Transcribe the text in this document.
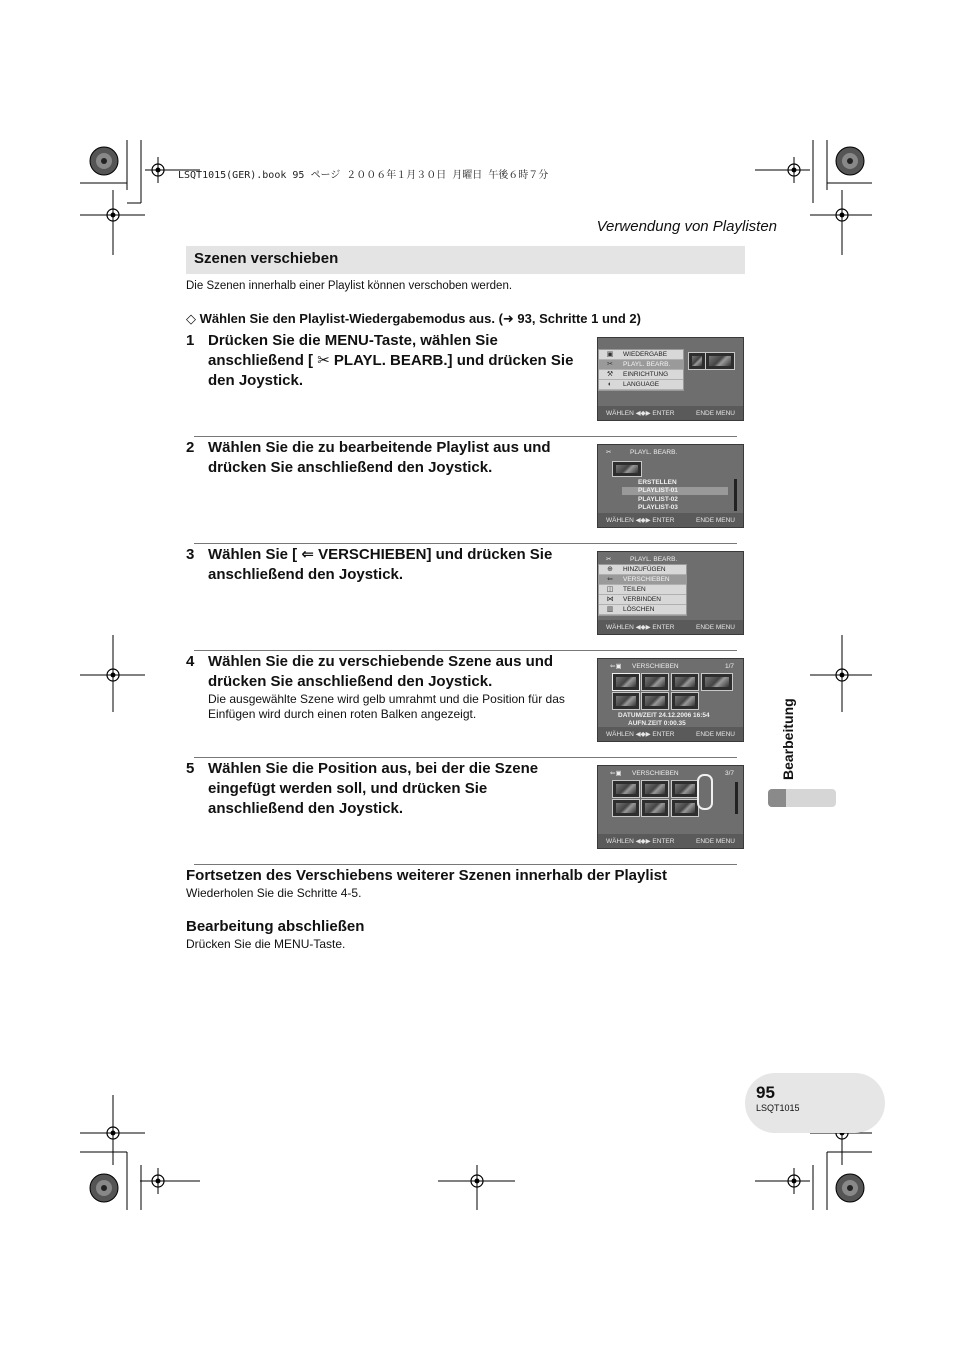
LSQT1015(GER).book 95 ページ ２００６年１月３０日 月曜日 午後６時７分
Verwendung von Playlisten
Szenen verschieben
Die Szenen innerhalb einer Playlist können verschoben werden.
◇ Wählen Sie den Playlist-Wiedergabemodus aus. (➜ 93, Schritte 1 und 2)
1 Drücken Sie die MENU-Taste, wählen Sie anschließend [ ✂ PLAYL. BEARB.] und drücken Sie den Joystick.
▣	WIEDERGABE
✂	PLAYL. BEARB.
⚒	EINRICHTUNG
◐	LANGUAGE
WÄHLEN ◀◆▶ ENTER	ENDE MENU
2 Wählen Sie die zu bearbeitende Playlist aus und drücken Sie anschließend den Joystick.
✂	PLAYL. BEARB.
ERSTELLEN
PLAYLIST-01
PLAYLIST-02
PLAYLIST-03
WÄHLEN ◀◆▶ ENTER	ENDE MENU
3 Wählen Sie [ ⇐ VERSCHIEBEN] und drücken Sie anschließend den Joystick.
✂	PLAYL. BEARB.
⊕	HINZUFÜGEN
⇐	VERSCHIEBEN
◫	TEILEN
⋈	VERBINDEN
▥	LÖSCHEN
WÄHLEN ◀◆▶ ENTER	ENDE MENU
4 Wählen Sie die zu verschiebende Szene aus und drücken Sie anschließend den Joystick.
Die ausgewählte Szene wird gelb umrahmt und die Position für das Einfügen wird durch einen roten Balken angezeigt.
⇐▣ VERSCHIEBEN	1/7
DATUM/ZEIT 24.12.2006 16:54
AUFN.ZEIT 0:00.35
WÄHLEN ◀◆▶ ENTER	ENDE MENU
5 Wählen Sie die Position aus, bei der die Szene eingefügt werden soll, und drücken Sie anschließend den Joystick.
⇐▣ VERSCHIEBEN	3/7
WÄHLEN ◀◆▶ ENTER	ENDE MENU
Bearbeitung
Fortsetzen des Verschiebens weiterer Szenen innerhalb der Playlist
Wiederholen Sie die Schritte 4-5.
Bearbeitung abschließen
Drücken Sie die MENU-Taste.
95
LSQT1015
